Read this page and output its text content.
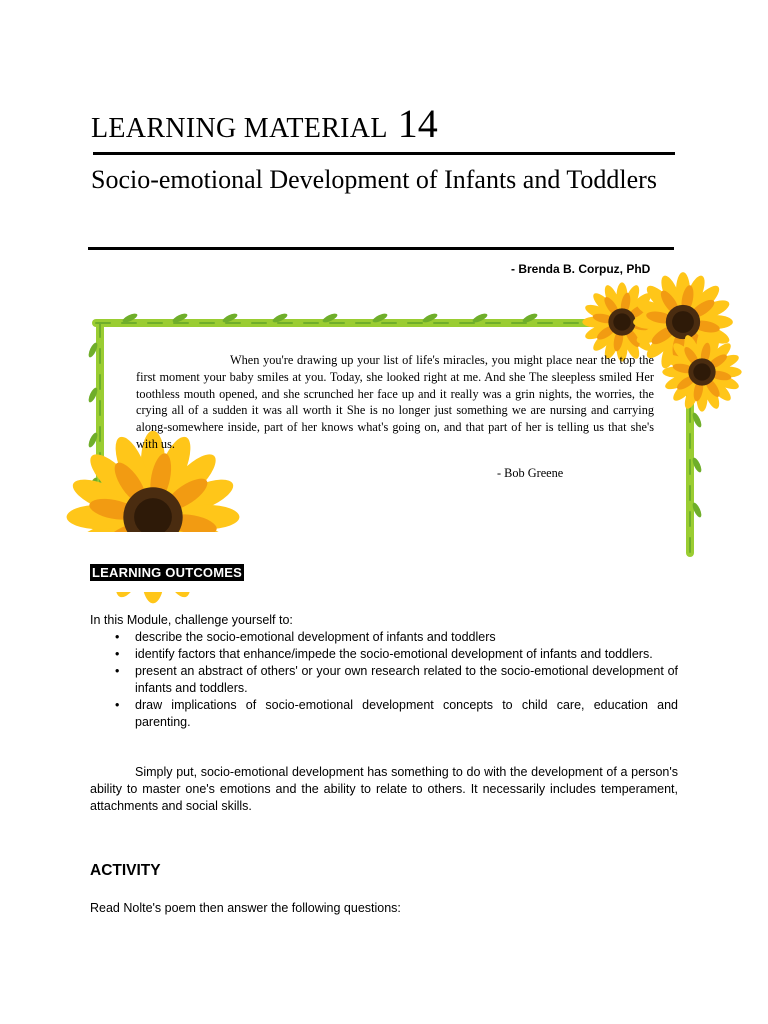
LEARNING MATERIAL 14
Socio-emotional Development of Infants and Toddlers
- Brenda B. Corpuz, PhD
When you're drawing up your list of life's miracles, you might place near the top the first moment your baby smiles at you. Today, she looked right at me. And she The sleepless smiled Her toothless mouth opened, and she scrunched her face up and it really was a grin nights, the worries, the crying all of a sudden it was all worth it She is no longer just something we are nursing and carrying along-somewhere inside, part of her knows what's going on, and that part of her is telling us that she's with us.
- Bob Greene
LEARNING OUTCOMES
In this Module, challenge yourself to:
• describe the socio-emotional development of infants and toddlers
• identify factors that enhance/impede the socio-emotional development of infants and toddlers.
• present an abstract of others' or your own research related to the socio-emotional development of infants and toddlers.
• draw implications of socio-emotional development concepts to child care, education and parenting.
Simply put, socio-emotional development has something to do with the development of a person's ability to master one's emotions and the ability to relate to others. It necessarily includes temperament, attachments and social skills.
ACTIVITY
Read Nolte's poem then answer the following questions:
